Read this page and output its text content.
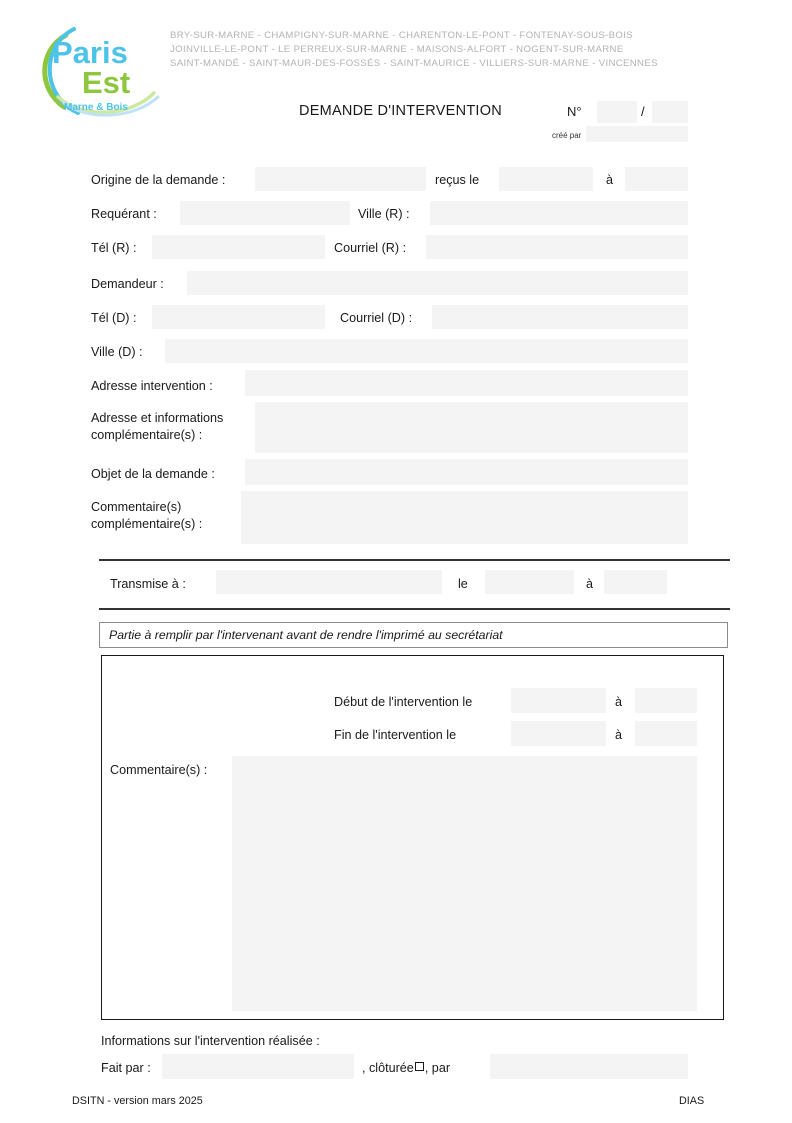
Paris
Est
Marne & Bois
BRY-SUR-MARNE - CHAMPIGNY-SUR-MARNE - CHARENTON-LE-PONT - FONTENAY-SOUS-BOIS
JOINVILLE-LE-PONT - LE PERREUX-SUR-MARNE - MAISONS-ALFORT - NOGENT-SUR-MARNE
SAINT-MANDÉ - SAINT-MAUR-DES-FOSSÉS - SAINT-MAURICE - VILLIERS-SUR-MARNE - VINCENNES
DEMANDE D'INTERVENTION	N°	/
créé par
Origine de la demande :	reçus le	à
Requérant :	Ville (R) :
Tél (R) :	Courriel (R) :
Demandeur :
Tél (D) :	Courriel (D) :
Ville (D) :
Adresse intervention :
Adresse et informations complémentaire(s) :
Objet de la demande :
Commentaire(s) complémentaire(s) :
Transmise à :	le	à
Partie à remplir par l'intervenant avant de rendre l'imprimé au secrétariat
Début de l'intervention le	à
Fin de l'intervention le	à
Commentaire(s) :
Informations sur l'intervention réalisée :
Fait par :	, clôturée , par
DSITN - version mars 2025	DIAS
